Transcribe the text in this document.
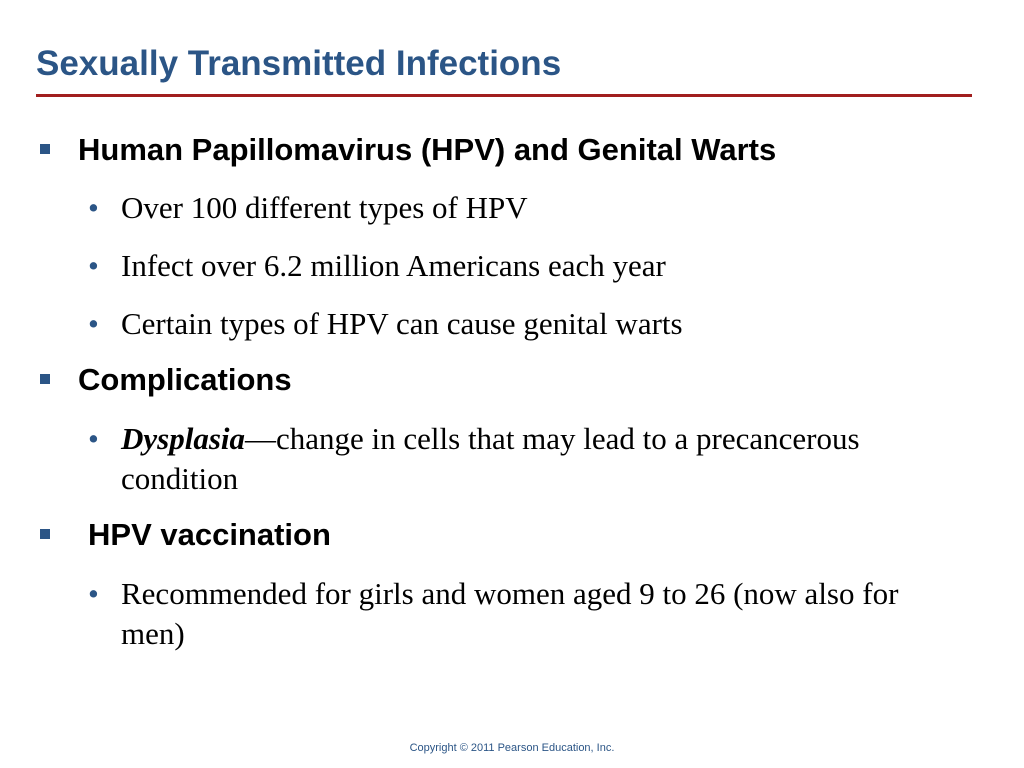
Sexually Transmitted Infections
Human Papillomavirus (HPV) and Genital Warts
• Over 100 different types of HPV
• Infect over 6.2 million Americans each year
• Certain types of HPV can cause genital warts
Complications
• Dysplasia—change in cells that may lead to a precancerous condition
HPV vaccination
• Recommended for girls and women aged 9 to 26 (now also for men)
Copyright © 2011 Pearson Education, Inc.
